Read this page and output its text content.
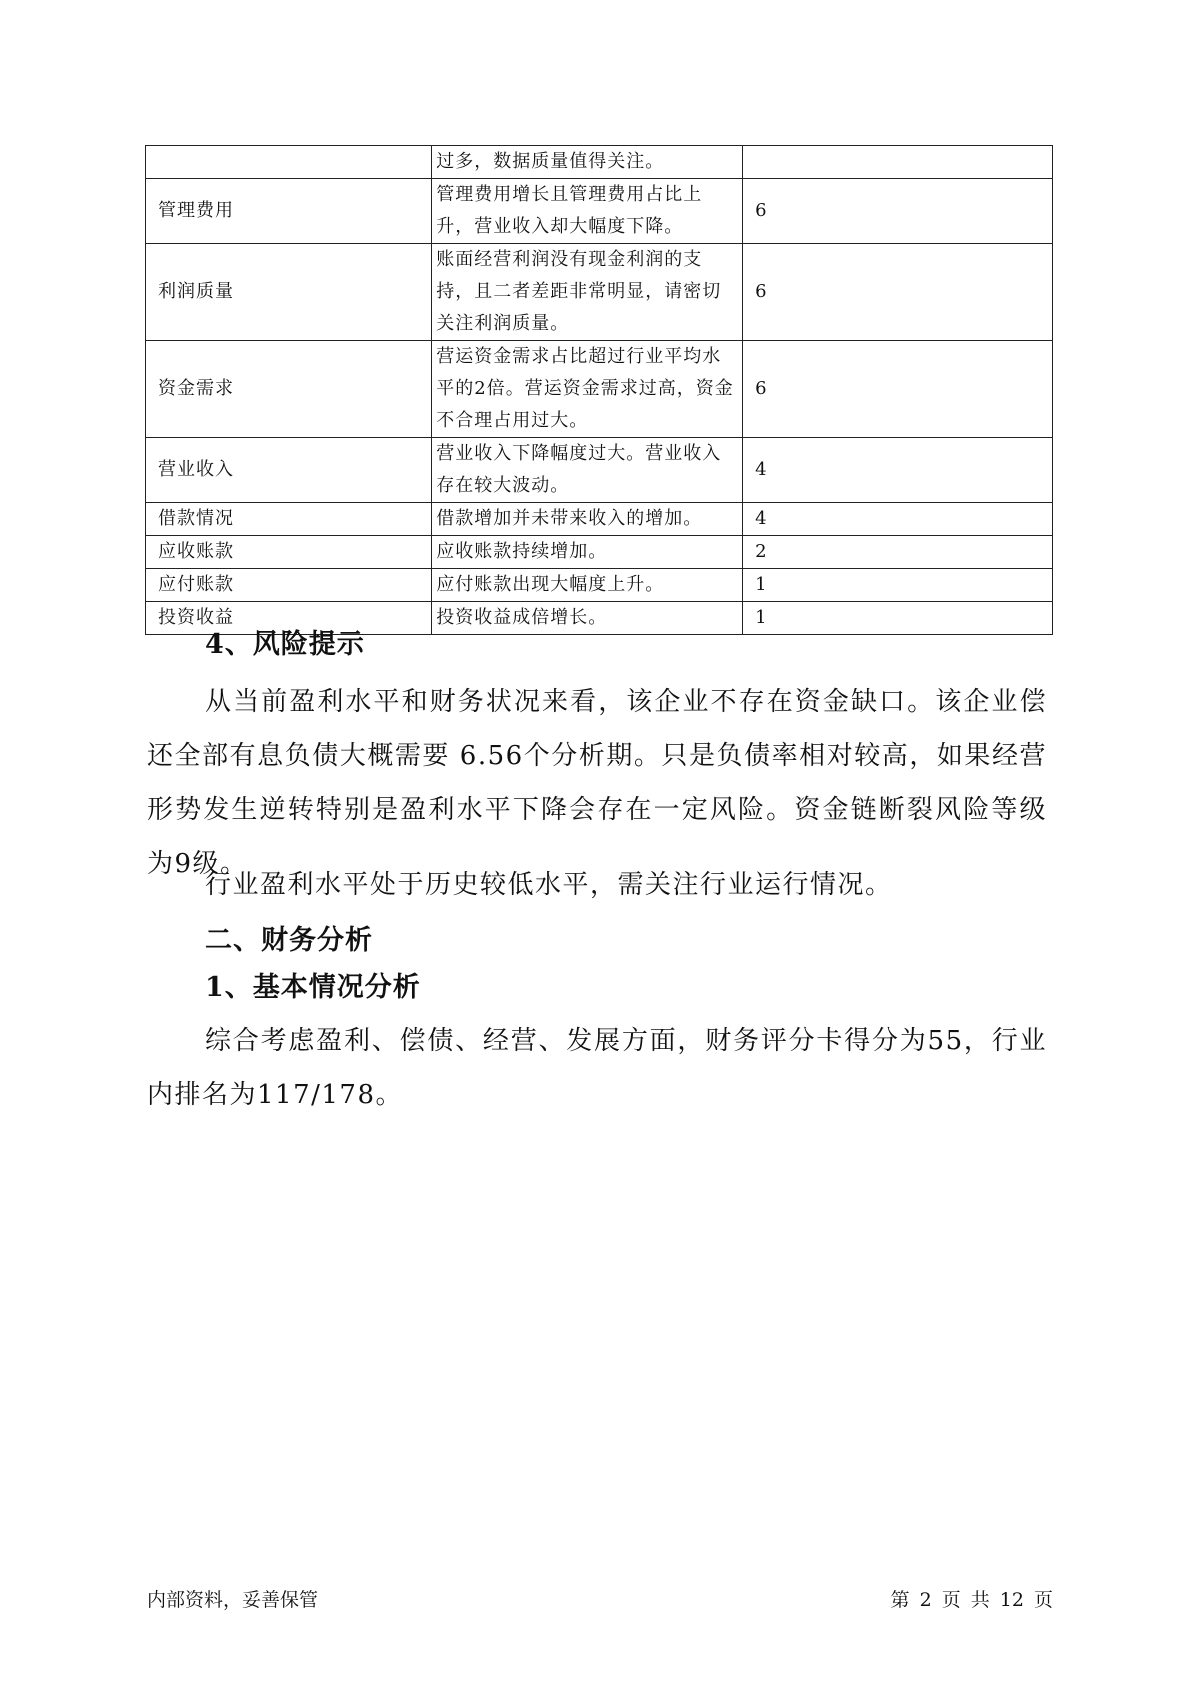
	过多，数据质量值得关注。	
管理费用	管理费用增长且管理费用占比上升，营业收入却大幅度下降。	6
利润质量	账面经营利润没有现金利润的支持，且二者差距非常明显，请密切关注利润质量。	6
资金需求	营运资金需求占比超过行业平均水平的2倍。营运资金需求过高，资金不合理占用过大。	6
营业收入	营业收入下降幅度过大。营业收入存在较大波动。	4
借款情况	借款增加并未带来收入的增加。	4
应收账款	应收账款持续增加。	2
应付账款	应付账款出现大幅度上升。	1
投资收益	投资收益成倍增长。	1
4、风险提示

从当前盈利水平和财务状况来看，该企业不存在资金缺口。该企业偿还全部有息负债大概需要 6.56个分析期。只是负债率相对较高，如果经营形势发生逆转特别是盈利水平下降会存在一定风险。资金链断裂风险等级为9级。

行业盈利水平处于历史较低水平，需关注行业运行情况。

二、财务分析
1、基本情况分析

综合考虑盈利、偿债、经营、发展方面，财务评分卡得分为55，行业内排名为117/178。

内部资料，妥善保管	第 2 页 共 12 页
